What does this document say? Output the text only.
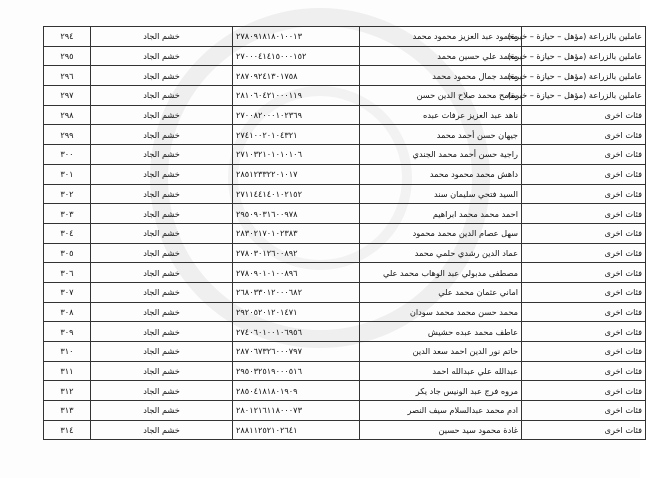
٢٩٤	خشم الجاد	٢٧٨٠٩١٨١٨٠١٠٠١٣	محمود عبد العزيز محمود محمد	عاملين بالزراعة (مؤهل – حيازة – خبرة)
٢٩٥	خشم الجاد	٢٧٠٠٠٤١٤١٥٠٠٠١٥٢	محمد علي حسين محمد	عاملين بالزراعة (مؤهل – حيازة – خبرة)
٢٩٦	خشم الجاد	٢٨٧٠٩٢٤١٣٠١٧٥٨	محمد جمال محمود محمد	عاملين بالزراعة (مؤهل – حيازة – خبرة)
٢٩٧	خشم الجاد	٢٨١٠٦٠٤٢١٠٠٠١١٩	سامح محمد صلاح الدين حسن	عاملين بالزراعة (مؤهل – حيازة – خبرة)
٢٩٨	خشم الجاد	٢٧٠٠٨٢٠٠٠١٠٢٣٦٩	ناهد عبد العزيز عرفات عبده	فئات اخرى
٢٩٩	خشم الجاد	٢٧٤١٠٠٢٠١٠٤٣٢١	جيهان حسن أحمد محمد	فئات اخرى
٣٠٠	خشم الجاد	٢٧١٠٣٢١٠١٠١٠١٠٦	راجية حسن أحمد محمد الجندي	فئات اخرى
٣٠١	خشم الجاد	٢٨٥١٢٣٣٢٢٠١٠١٧	داهش محمد محمود محمد	فئات اخرى
٣٠٢	خشم الجاد	٢٧١١٤٤١٤٠١٠٢١٥٢	السيد فتحي سليمان سند	فئات اخرى
٣٠٣	خشم الجاد	٢٩٥٠٩٠٣١٦٠٠٩٧٨	احمد محمد محمد ابراهيم	فئات اخرى
٣٠٤	خشم الجاد	٢٨٣٠٢١٧٠١٠٢٣٨٣	سهل عصام الدين محمد محمود	فئات اخرى
٣٠٥	خشم الجاد	٢٧٨٠٣٠١٢٦٠٠٨٩٢	عماد الدين رشدي حلمي محمد	فئات اخرى
٣٠٦	خشم الجاد	٢٧٨٠٩٠١٠١٠٠٨٩٦	مصطفى مدبولي عبد الوهاب محمد علي	فئات اخرى
٣٠٧	خشم الجاد	٢٦٨٠٣٣٠١٢٠٠٠٦٨٢	اماني عثمان محمد علي	فئات اخرى
٣٠٨	خشم الجاد	٢٩٢٠٥٢٠١٢٠١٤٧١	محمد حسن محمد محمد سودان	فئات اخرى
٣٠٩	خشم الجاد	٢٧٤٠٦٠١٠٠١٠٦٩٥٦	عاطف محمد عبده حشيش	فئات اخرى
٣١٠	خشم الجاد	٢٨٧٠٦٧٣٢٦٠٠٠٧٩٧	حاتم نور الدين احمد سعد الدين	فئات اخرى
٣١١	خشم الجاد	٢٩٥٠٣٢٥١٩٠٠٠٥١٦	عبدالله علي عبدالله احمد	فئات اخرى
٣١٢	خشم الجاد	٢٨٥٠٤١٨١٨٠١٩٠٩	مروه فرج عبد الونيس جاد يكر	فئات اخرى
٣١٣	خشم الجاد	٢٨٠١٢١٦١١٨٠٠٠٧٣	ادم محمد عبدالسلام سيف النصر	فئات اخرى
٣١٤	خشم الجاد	٢٨٨١١٢٥٢١٠٢٦٤١	غادة محمود سيد حسين	فئات اخرى
